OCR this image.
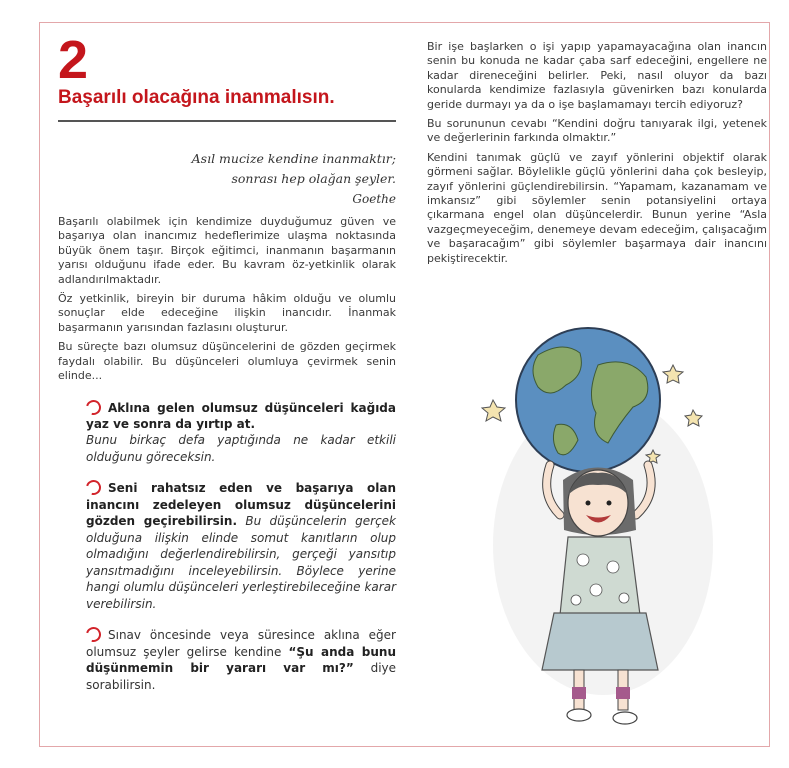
2
Başarılı olacağına inanmalısın.
Asıl mucize kendine inanmaktır;
sonrası hep olağan şeyler.
Goethe

Başarılı olabilmek için kendimize duyduğumuz güven ve başarıya olan inancımız hedeflerimize ulaşma noktasında büyük önem taşır. Birçok eğitimci, inanmanın başarmanın yarısı olduğunu ifade eder. Bu kavram öz-yetkinlik olarak adlandırılmaktadır.

Öz yetkinlik, bireyin bir duruma hâkim olduğu ve olumlu sonuçlar elde edeceğine ilişkin inancıdır. İnanmak başarmanın yarısından fazlasını oluşturur.

Bu süreçte bazı olumsuz düşüncelerini de gözden geçirmek faydalı olabilir. Bu düşünceleri olumluya çevirmek senin elinde...

Aklına gelen olumsuz düşünceleri kağıda yaz ve sonra da yırtıp at.
Bunu birkaç defa yaptığında ne kadar etkili olduğunu göreceksin.
Seni rahatsız eden ve başarıya olan inancını zedeleyen olumsuz düşüncelerini gözden geçirebilirsin. Bu düşüncelerin gerçek olduğuna ilişkin elinde somut kanıtların olup olmadığını değerlendirebilirsin, gerçeği yansıtıp yansıtmadığını inceleyebilirsin. Böylece yerine hangi olumlu düşünceleri yerleştirebileceğine karar verebilirsin.
Sınav öncesinde veya süresince aklına eğer olumsuz şeyler gelirse kendine “Şu anda bunu düşünmemin bir yararı var mı?” diye sorabilirsin.

Bir işe başlarken o işi yapıp yapamayacağına olan inancın senin bu konuda ne kadar çaba sarf edeceğini, engellere ne kadar direneceğini belirler. Peki, nasıl oluyor da bazı konularda kendimize fazlasıyla güvenirken bazı konularda geride durmayı ya da o işe başlamamayı tercih ediyoruz?

Bu sorununun cevabı “Kendini doğru tanıyarak ilgi, yetenek ve değerlerinin farkında olmaktır.”

Kendini tanımak güçlü ve zayıf yönlerini objektif olarak görmeni sağlar. Böylelikle güçlü yönlerini daha çok besleyip, zayıf yönlerini güçlendirebilirsin. “Yapamam, kazanamam ve imkansız” gibi söylemler senin potansiyelini ortaya çıkarmana engel olan düşüncelerdir. Bunun yerine “Asla vazgeçmeyeceğim, denemeye devam edeceğim, çalışacağım ve başaracağım” gibi söylemler başarmaya dair inancını pekiştirecektir.
